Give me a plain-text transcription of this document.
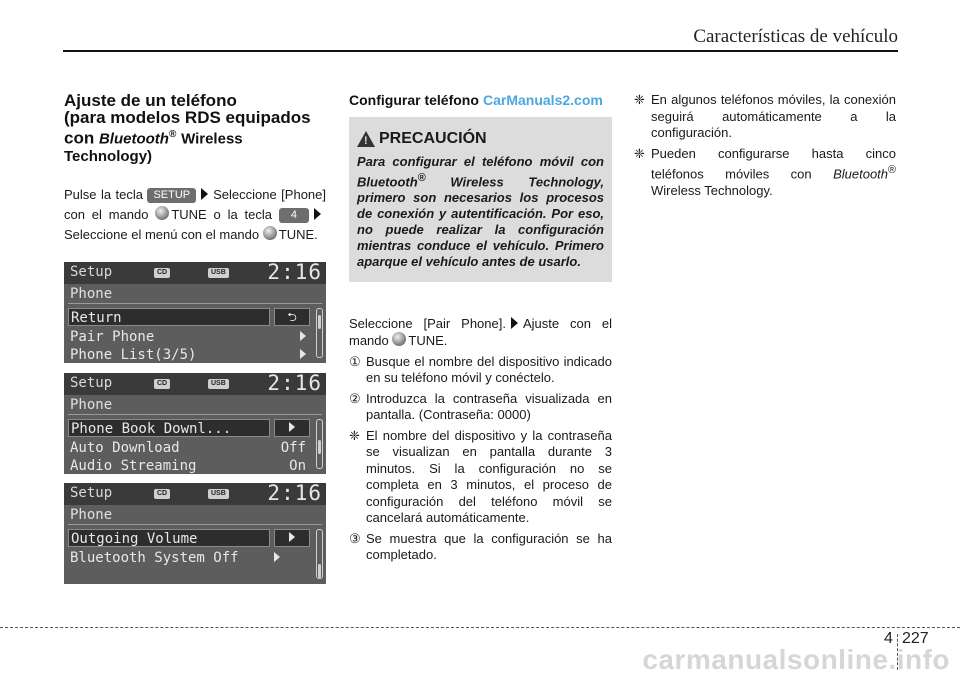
Características de vehículo
Ajuste de un teléfono
(para modelos RDS equipados
con Bluetooth® Wireless
Technology)
Pulse la tecla SETUP Seleccione [Phone] con el mando TUNE o la tecla 4Seleccione el menú con el mando TUNE.
Setup	CD	USB 2:16
Phone
Return	⮌
Pair Phone
Phone List(3/5)
Setup	CD	USB 2:16
Phone
Phone Book Downl...
Auto Download	Off
Audio Streaming	On
Setup	CD	USB 2:16
Phone
Outgoing Volume
Bluetooth System Off
Configurar teléfono
!
PRECAUCIÓN
Para configurar el teléfono móvil con Bluetooth® Wireless Technology, primero son necesarios los procesos de conexión y autentificación. Por eso, no puede realizar la configuración mientras conduce el vehículo. Primero aparque el vehículo antes de usarlo.
Seleccione [Pair Phone]. Ajuste con el mando TUNE.
① Busque el nombre del dispositivo indicado en su teléfono móvil y conéctelo.
② Introduzca la contraseña visualizada en pantalla. (Contraseña: 0000)
❈ El nombre del dispositivo y la contraseña se visualizan en pantalla durante 3 minutos. Si la configuración no se completa en 3 minutos, el proceso de configuración del teléfono móvil se cancelará automáticamente.
③ Se muestra que la configuración se ha completado.
CarManuals2.com ❈ En algunos teléfonos móviles, la conexión seguirá automáticamente a la configuración.
❈ Pueden configurarse hasta cinco teléfonos móviles con Bluetooth® Wireless Technology.
4 227
carmanualsonline.info
